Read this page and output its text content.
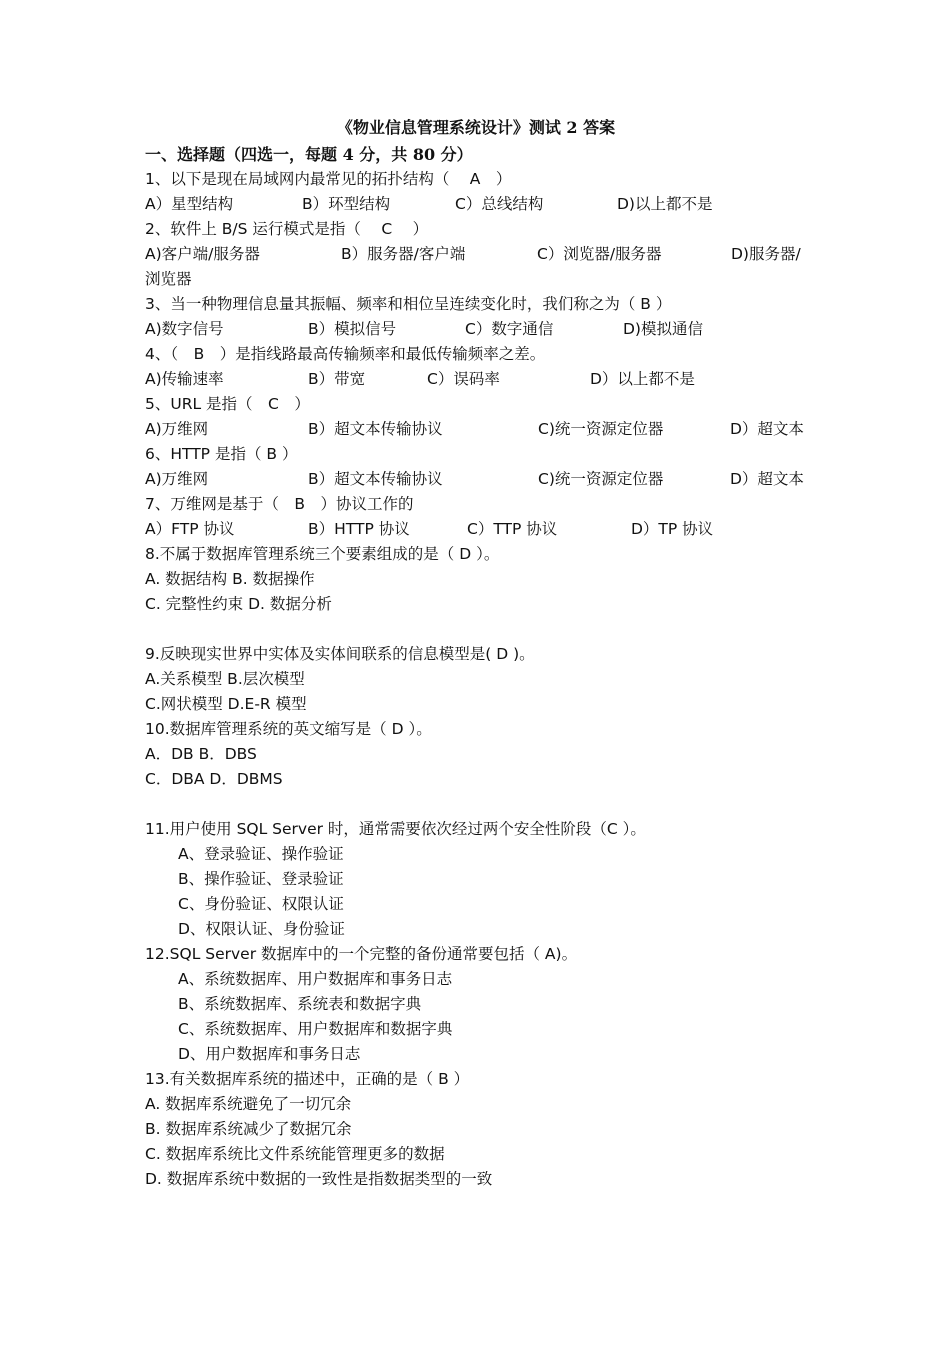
《物业信息管理系统设计》测试 2 答案
一、选择题（四选一，每题 4 分，共 80 分）
1、以下是现在局域网内最常见的拓扑结构（　 A　）
A）星型结构	B）环型结构	C）总线结构	D)以上都不是
2、软件上 B/S 运行模式是指（　 C　 ）
A)客户端/服务器	B）服务器/客户端	C）浏览器/服务器	D)服务器/
浏览器
3、当一种物理信息量其振幅、频率和相位呈连续变化时，我们称之为（ B ）
A)数字信号	B）模拟信号	C）数字通信	D)模拟通信
4、（　B　）是指线路最高传输频率和最低传输频率之差。
A)传输速率	B）带宽	C）误码率	D）以上都不是
5、URL 是指（　C　）
A)万维网	B）超文本传输协议	C)统一资源定位器	D）超文本
6、HTTP 是指（ B ）
A)万维网	B）超文本传输协议	C)统一资源定位器	D）超文本
7、万维网是基于（　B　）协议工作的
A）FTP 协议	B）HTTP 协议	C）TTP 协议	D）TP 协议
8.不属于数据库管理系统三个要素组成的是（ D ）。
A. 数据结构 B. 数据操作
C. 完整性约束 D. 数据分析
9.反映现实世界中实体及实体间联系的信息模型是( D )。
A.关系模型 B.层次模型
C.网状模型 D.E-R 模型
10.数据库管理系统的英文缩写是（ D ）。
A．DB B．DBS
C．DBA D．DBMS
11.用户使用 SQL Server 时，通常需要依次经过两个安全性阶段（C ）。
A、登录验证、操作验证
B、操作验证、登录验证
C、身份验证、权限认证
D、权限认证、身份验证
12.SQL Server 数据库中的一个完整的备份通常要包括（ A)。
A、系统数据库、用户数据库和事务日志
B、系统数据库、系统表和数据字典
C、系统数据库、用户数据库和数据字典
D、用户数据库和事务日志
13.有关数据库系统的描述中，正确的是（ B ）
A. 数据库系统避免了一切冗余
B. 数据库系统减少了数据冗余
C. 数据库系统比文件系统能管理更多的数据
D. 数据库系统中数据的一致性是指数据类型的一致
